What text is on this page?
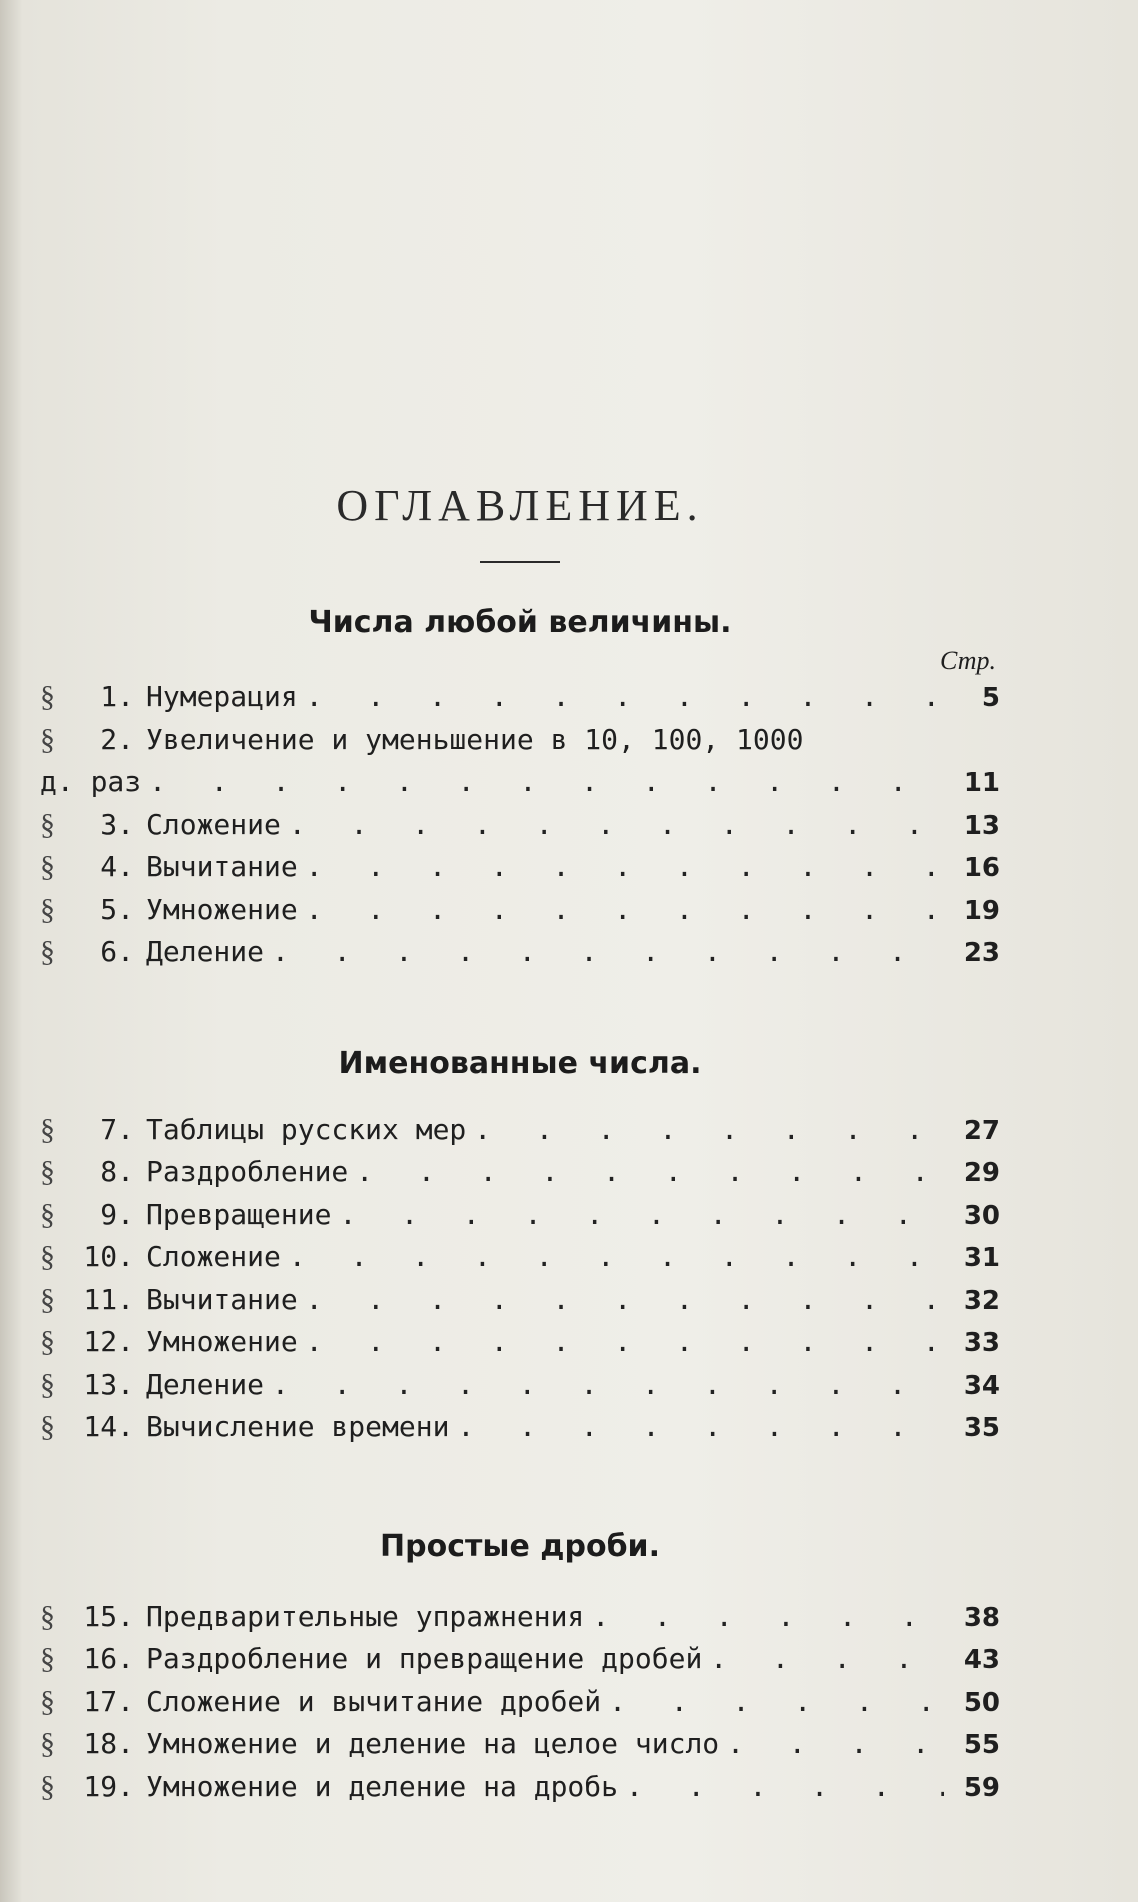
ОГЛАВЛЕНИЕ.
Числа любой величины.
Стр.
§	1. Нумерация . . .	5
§	2. Увеличение и уменьшение в 10, 100, 1000
д. раз . . .	11
§	3. Сложение . . .	13
§	4. Вычитание . . .	16
§	5. Умножение . . .	19
§	6. Деление . . .	23
Именованные числа.
§	7. Таблицы русских мер . . .	27
§	8. Раздробление . . .	29
§	9. Превращение . . .	30
§	10. Сложение . . .	31
§	11. Вычитание . . .	32
§	12. Умножение . . .	33
§	13. Деление . . .	34
§	14. Вычисление времени . . .	35
Простые дроби.
§	15. Предварительные упражнения . . .	38
§	16. Раздробление и превращение дробей . . .	43
§	17. Сложение и вычитание дробей . . .	50
§	18. Умножение и деление на целое число . . .	55
§	19. Умножение и деление на дробь . . .	59
